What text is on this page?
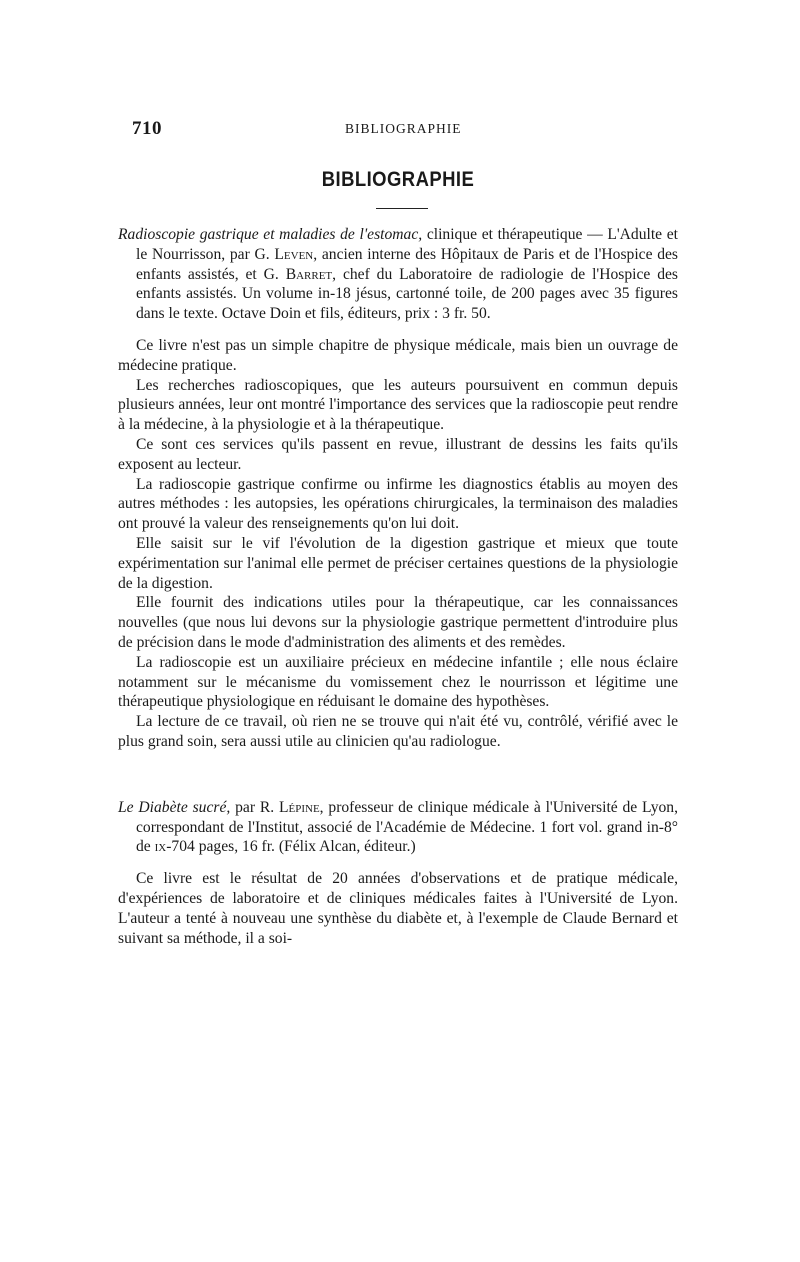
710	BIBLIOGRAPHIE
BIBLIOGRAPHIE

Radioscopie gastrique et maladies de l'estomac, clinique et thérapeutique — L'Adulte et le Nourrisson, par G. Leven, ancien interne des Hôpitaux de Paris et de l'Hospice des enfants assistés, et G. Barret, chef du Laboratoire de radiologie de l'Hospice des enfants assistés. Un volume in-18 jésus, cartonné toile, de 200 pages avec 35 figures dans le texte. Octave Doin et fils, éditeurs, prix : 3 fr. 50.

Ce livre n'est pas un simple chapitre de physique médicale, mais bien un ouvrage de médecine pratique.

Les recherches radioscopiques, que les auteurs poursuivent en commun depuis plusieurs années, leur ont montré l'importance des services que la radioscopie peut rendre à la médecine, à la physiologie et à la thérapeutique.

Ce sont ces services qu'ils passent en revue, illustrant de dessins les faits qu'ils exposent au lecteur.

La radioscopie gastrique confirme ou infirme les diagnostics établis au moyen des autres méthodes : les autopsies, les opérations chirurgicales, la terminaison des maladies ont prouvé la valeur des renseignements qu'on lui doit.

Elle saisit sur le vif l'évolution de la digestion gastrique et mieux que toute expérimentation sur l'animal elle permet de préciser certaines questions de la physiologie de la digestion.

Elle fournit des indications utiles pour la thérapeutique, car les connaissances nouvelles (que nous lui devons sur la physiologie gastrique permettent d'introduire plus de précision dans le mode d'administration des aliments et des remèdes.

La radioscopie est un auxiliaire précieux en médecine infantile ; elle nous éclaire notamment sur le mécanisme du vomissement chez le nourrisson et légitime une thérapeutique physiologique en réduisant le domaine des hypothèses.

La lecture de ce travail, où rien ne se trouve qui n'ait été vu, contrôlé, vérifié avec le plus grand soin, sera aussi utile au clinicien qu'au radiologue.

Le Diabète sucré, par R. Lépine, professeur de clinique médicale à l'Université de Lyon, correspondant de l'Institut, associé de l'Académie de Médecine. 1 fort vol. grand in-8° de ix-704 pages, 16 fr. (Félix Alcan, éditeur.)

Ce livre est le résultat de 20 années d'observations et de pratique médicale, d'expériences de laboratoire et de cliniques médicales faites à l'Université de Lyon. L'auteur a tenté à nouveau une synthèse du diabète et, à l'exemple de Claude Bernard et suivant sa méthode, il a soi-
